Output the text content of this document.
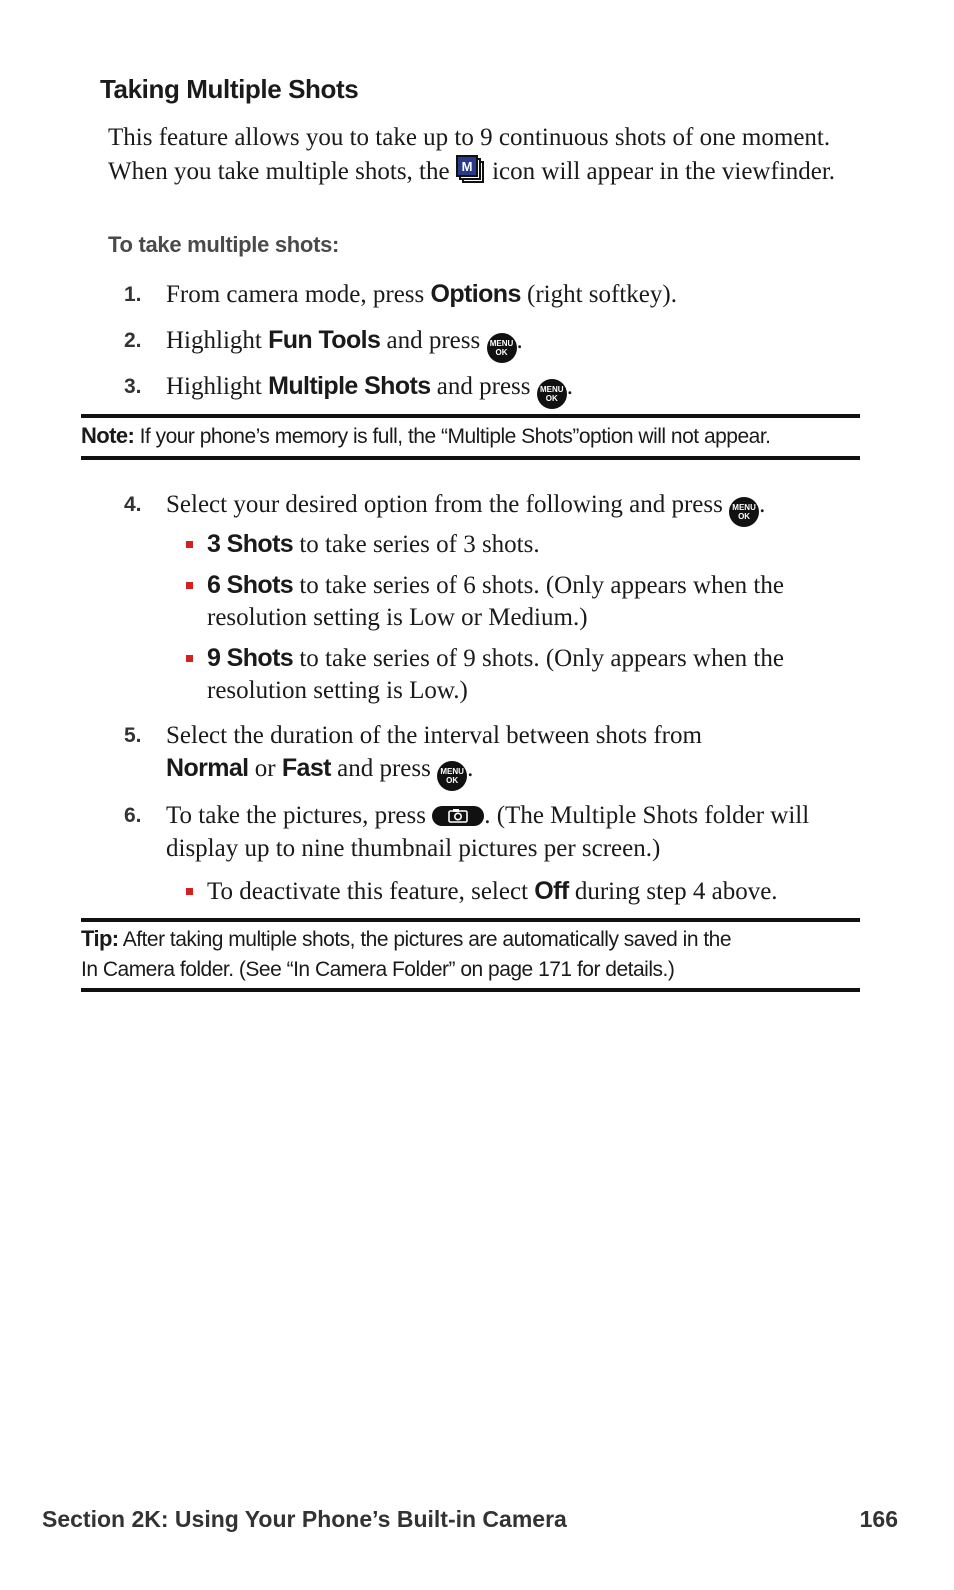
Taking Multiple Shots
This feature allows you to take up to 9 continuous shots of one moment. When you take multiple shots, the M icon will appear in the viewfinder.
To take multiple shots:
1. From camera mode, press Options (right softkey).
2. Highlight Fun Tools and press	MENU
OK .
3. Highlight Multiple Shots and press	MENU
OK .
Note: If your phone’s memory is full, the “Multiple Shots”option will not appear.
4. Select your desired option from the following and press	MENU
OK .
3 Shots to take series of 3 shots.
6 Shots to take series of 6 shots. (Only appears when the resolution setting is Low or Medium.)
9 Shots to take series of 9 shots. (Only appears when the resolution setting is Low.)
5. Select the duration of the interval between shots from Normal or Fast and press	MENU
OK .
6. To take the pictures, press . (The Multiple Shots folder will display up to nine thumbnail pictures per screen.)
To deactivate this feature, select Off during step 4 above.
Tip: After taking multiple shots, the pictures are automatically saved in the
In Camera folder. (See “In Camera Folder” on page 171 for details.)
Section 2K: Using Your Phone’s Built-in Camera	166
